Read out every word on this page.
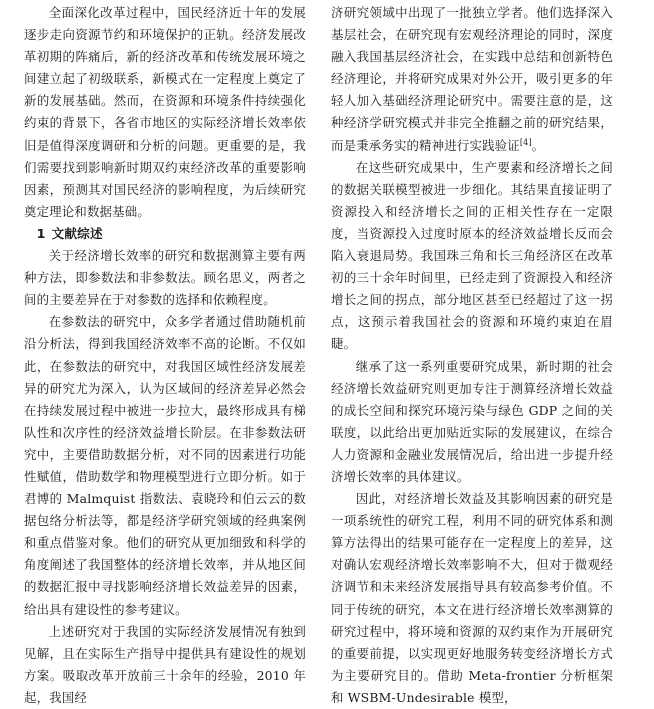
全面深化改革过程中，国民经济近十年的发展逐步走向资源节约和环境保护的正轨。经济发展改革初期的阵痛后，新的经济改革和传统发展环境之间建立起了初级联系，新模式在一定程度上奠定了新的发展基础。然而，在资源和环境条件持续强化约束的背景下，各省市地区的实际经济增长效率依旧是值得深度调研和分析的问题。更重要的是，我们需要找到影响新时期双约束经济改革的重要影响因素，预测其对国民经济的影响程度，为后续研究奠定理论和数据基础。

1 文献综述

关于经济增长效率的研究和数据测算主要有两种方法，即参数法和非参数法。顾名思义，两者之间的主要差异在于对参数的选择和依赖程度。

在参数法的研究中，众多学者通过借助随机前沿分析法，得到我国经济效率不高的论断。不仅如此，在参数法的研究中，对我国区域性经济发展差异的研究尤为深入，认为区域间的经济差异必然会在持续发展过程中被进一步拉大，最终形成具有梯队性和次序性的经济效益增长阶层。在非参数法研究中，主要借助数据分析，对不同的因素进行功能性赋值，借助数学和物理模型进行立即分析。如于君博的 Malmquist 指数法、袁晓玲和伯云云的数据包络分析法等，都是经济学研究领域的经典案例和重点借鉴对象。他们的研究从更加细致和科学的角度阐述了我国整体的经济增长效率，并从地区间的数据汇报中寻找影响经济增长效益差异的因素，给出具有建设性的参考建议。

上述研究对于我国的实际经济发展情况有独到见解，且在实际生产指导中提供具有建设性的规划方案。吸取改革开放前三十余年的经验，2010 年起，我国经

济研究领域中出现了一批独立学者。他们选择深入基层社会，在研究现有宏观经济理论的同时，深度融入我国基层经济社会，在实践中总结和创新特色经济理论，并将研究成果对外公开，吸引更多的年轻人加入基础经济理论研究中。需要注意的是，这种经济学研究模式并非完全推翻之前的研究结果，而是秉承务实的精神进行实践验证[4]。

在这些研究成果中，生产要素和经济增长之间的数据关联模型被进一步细化。其结果直接证明了资源投入和经济增长之间的正相关性存在一定限度，当资源投入过度时原本的经济效益增长反而会陷入衰退局势。我国珠三角和长三角经济区在改革初的三十余年时间里，已经走到了资源投入和经济增长之间的拐点，部分地区甚至已经超过了这一拐点，这预示着我国社会的资源和环境约束迫在眉睫。

继承了这一系列重要研究成果，新时期的社会经济增长效益研究则更加专注于测算经济增长效益的成长空间和探究环境污染与绿色 GDP 之间的关联度，以此给出更加贴近实际的发展建议，在综合人力资源和金融业发展情况后，给出进一步提升经济增长效率的具体建议。

因此，对经济增长效益及其影响因素的研究是一项系统性的研究工程，利用不同的研究体系和测算方法得出的结果可能存在一定程度上的差异，这对确认宏观经济增长效率影响不大，但对于微观经济调节和未来经济发展指导具有较高参考价值。不同于传统的研究，本文在进行经济增长效率测算的研究过程中，将环境和资源的双约束作为开展研究的重要前提，以实现更好地服务转变经济增长方式为主要研究目的。借助 Meta-frontier 分析框架和 WSBM-Undesirable 模型，
